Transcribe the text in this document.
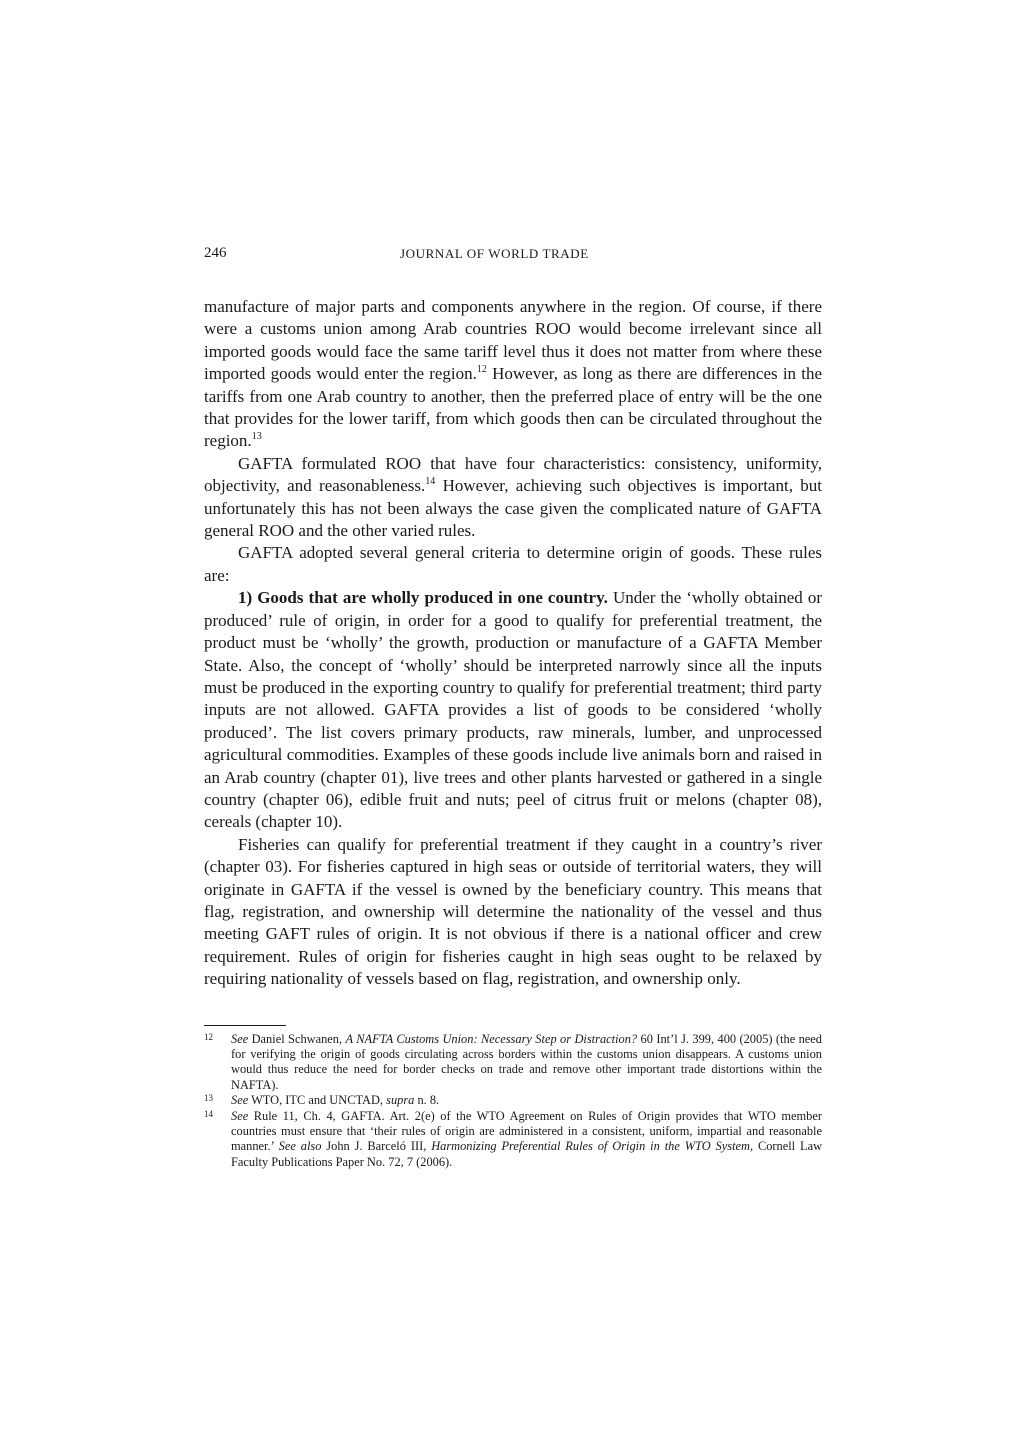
246	JOURNAL OF WORLD TRADE

manufacture of major parts and components anywhere in the region. Of course, if there were a customs union among Arab countries ROO would become irrelevant since all imported goods would face the same tariff level thus it does not matter from where these imported goods would enter the region.$^{12}$ However, as long as there are differences in the tariffs from one Arab country to another, then the preferred place of entry will be the one that provides for the lower tariff, from which goods then can be circulated throughout the region.$^{13}$

GAFTA formulated ROO that have four characteristics: consistency, uniformity, objectivity, and reasonableness.$^{14}$ However, achieving such objectives is important, but unfortunately this has not been always the case given the complicated nature of GAFTA general ROO and the other varied rules.

GAFTA adopted several general criteria to determine origin of goods. These rules are:

1) Goods that are wholly produced in one country. Under the ‘wholly obtained or produced’ rule of origin, in order for a good to qualify for preferential treatment, the product must be ‘wholly’ the growth, production or manufacture of a GAFTA Member State. Also, the concept of ‘wholly’ should be interpreted narrowly since all the inputs must be produced in the exporting country to qualify for preferential treatment; third party inputs are not allowed. GAFTA provides a list of goods to be considered ‘wholly produced’. The list covers primary products, raw minerals, lumber, and unprocessed agricultural commodities. Examples of these goods include live animals born and raised in an Arab country (chapter 01), live trees and other plants harvested or gathered in a single country (chapter 06), edible fruit and nuts; peel of citrus fruit or melons (chapter 08), cereals (chapter 10).

Fisheries can qualify for preferential treatment if they caught in a country’s river (chapter 03). For fisheries captured in high seas or outside of territorial waters, they will originate in GAFTA if the vessel is owned by the beneficiary country. This means that flag, registration, and ownership will determine the nationality of the vessel and thus meeting GAFT rules of origin. It is not obvious if there is a national officer and crew requirement. Rules of origin for fisheries caught in high seas ought to be relaxed by requiring nationality of vessels based on flag, registration, and ownership only.

12 See Daniel Schwanen, A NAFTA Customs Union: Necessary Step or Distraction? 60 Int’l J. 399, 400 (2005) (the need for verifying the origin of goods circulating across borders within the customs union disappears. A customs union would thus reduce the need for border checks on trade and remove other important trade distortions within the NAFTA).

13 See WTO, ITC and UNCTAD, supra n. 8.

14 See Rule 11, Ch. 4, GAFTA. Art. 2(e) of the WTO Agreement on Rules of Origin provides that WTO member countries must ensure that ‘their rules of origin are administered in a consistent, uniform, impartial and reasonable manner.’ See also John J. Barceló III, Harmonizing Preferential Rules of Origin in the WTO System, Cornell Law Faculty Publications Paper No. 72, 7 (2006).
